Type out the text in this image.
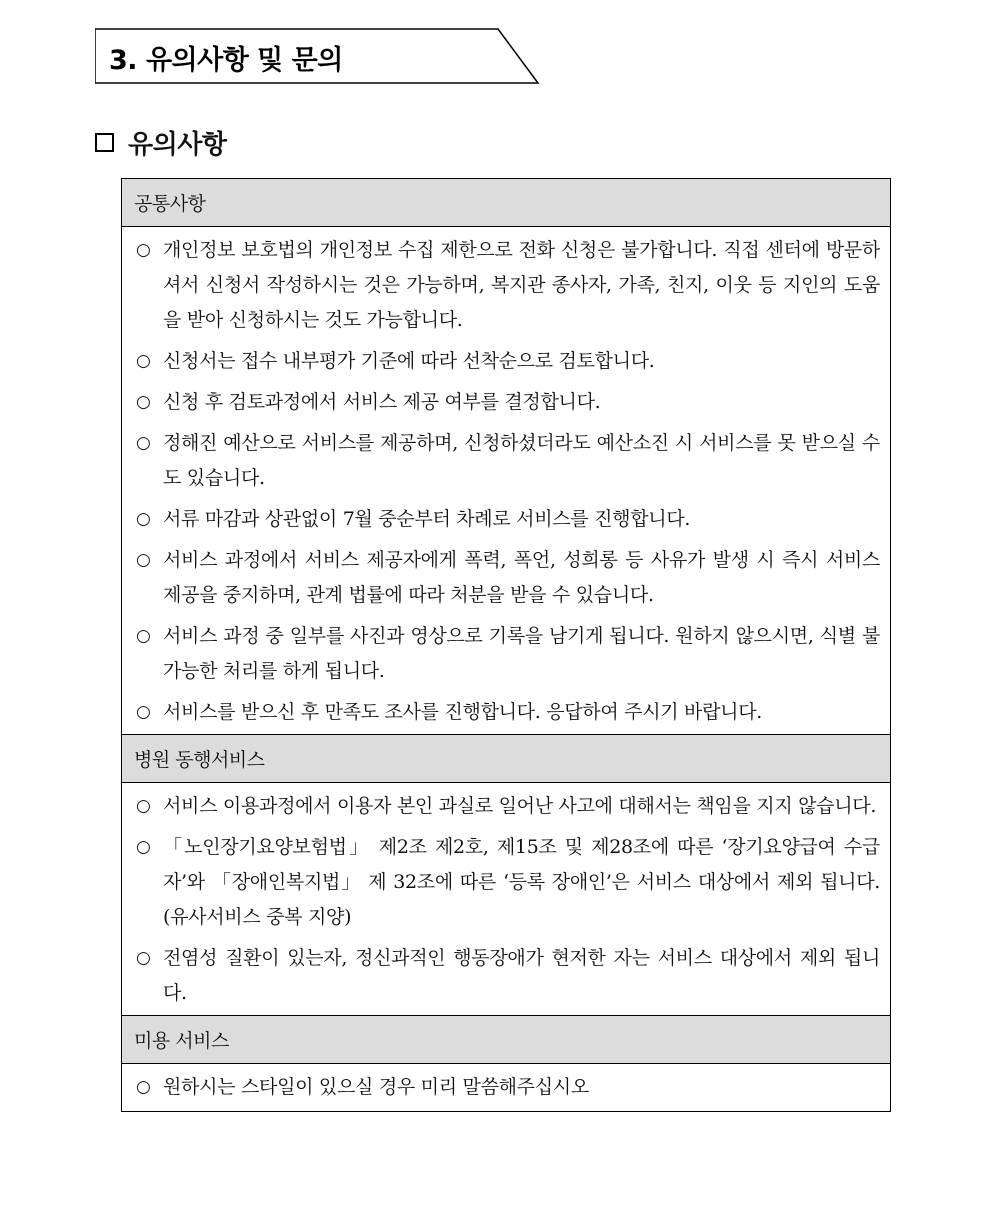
3. 유의사항 및 문의
유의사항
공통사항
○ 개인정보 보호법의 개인정보 수집 제한으로 전화 신청은 불가합니다. 직접 센터에 방문하셔서 신청서 작성하시는 것은 가능하며, 복지관 종사자, 가족, 친지, 이웃 등 지인의 도움을 받아 신청하시는 것도 가능합니다.
○ 신청서는 접수 내부평가 기준에 따라 선착순으로 검토합니다.
○ 신청 후 검토과정에서 서비스 제공 여부를 결정합니다.
○ 정해진 예산으로 서비스를 제공하며, 신청하셨더라도 예산소진 시 서비스를 못 받으실 수도 있습니다.
○ 서류 마감과 상관없이 7월 중순부터 차례로 서비스를 진행합니다.
○ 서비스 과정에서 서비스 제공자에게 폭력, 폭언, 성희롱 등 사유가 발생 시 즉시 서비스 제공을 중지하며, 관계 법률에 따라 처분을 받을 수 있습니다.
○ 서비스 과정 중 일부를 사진과 영상으로 기록을 남기게 됩니다. 원하지 않으시면, 식별 불가능한 처리를 하게 됩니다.
○ 서비스를 받으신 후 만족도 조사를 진행합니다. 응답하여 주시기 바랍니다.
병원 동행서비스
○ 서비스 이용과정에서 이용자 본인 과실로 일어난 사고에 대해서는 책임을 지지 않습니다.
○ 「노인장기요양보험법」 제2조 제2호, 제15조 및 제28조에 따른 ‘장기요양급여 수급자’와 「장애인복지법」 제 32조에 따른 ‘등록 장애인’은 서비스 대상에서 제외 됩니다. (유사서비스 중복 지양)
○ 전염성 질환이 있는자, 정신과적인 행동장애가 현저한 자는 서비스 대상에서 제외 됩니다.
미용 서비스
○ 원하시는 스타일이 있으실 경우 미리 말씀해주십시오
